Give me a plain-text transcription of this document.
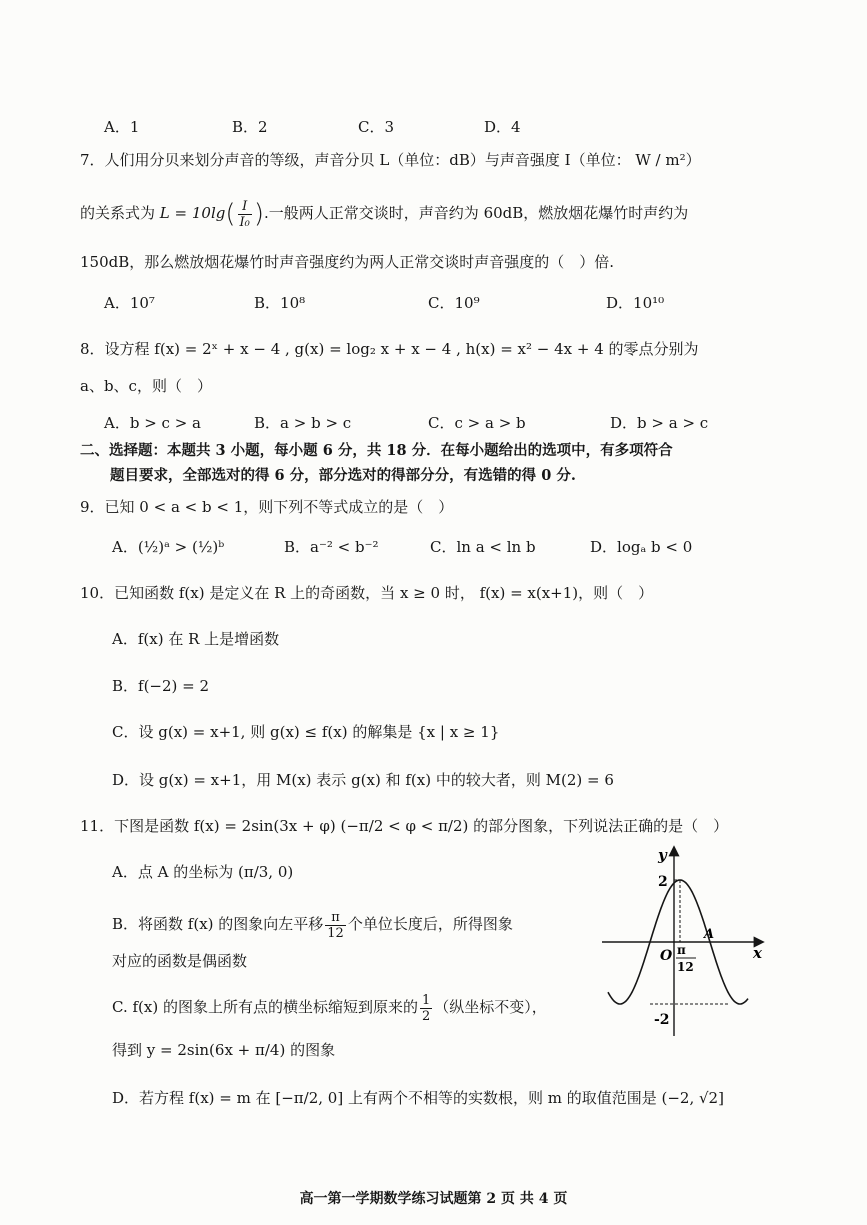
A．1	B．2	C．3	D．4
7．人们用分贝来划分声音的等级，声音分贝 L（单位：dB）与声音强度 I（单位： W / m²）
的关系式为 $L = 10\lg( \frac{I}{\text{I₀}}$ ).一般两人正常交谈时，声音约为 60dB，燃放烟花爆竹时声约为
150dB，那么燃放烟花爆竹时声音强度约为两人正常交谈时声音强度的（　）倍.
A．10⁷	B．10⁸	C．10⁹	D．10¹⁰
8．设方程 f(x) = 2ˣ + x − 4 , g(x) = log₂ x + x − 4 , h(x) = x² − 4x + 4 的零点分别为
a、b、c，则（　）
A．b > c > a	B．a > b > c	C．c > a > b	D．b > a > c
二、选择题：本题共 3 小题，每小题 6 分，共 18 分．在每小题给出的选项中，有多项符合
题目要求，全部选对的得 6 分，部分选对的得部分分，有选错的得 0 分.
9．已知 0 < a < b < 1，则下列不等式成立的是（　）
A．(½)ᵃ > (½)ᵇ	B．a⁻² < b⁻²	C．ln a < ln b	D．logₐ b < 0
10．已知函数 f(x) 是定义在 R 上的奇函数，当 x ≥ 0 时， f(x) = x(x+1)，则（　）
A．f(x) 在 R 上是增函数
B．f(−2) = 2
C．设 g(x) = x+1, 则 g(x) ≤ f(x) 的解集是 {x | x ≥ 1}
D．设 g(x) = x+1，用 M(x) 表示 g(x) 和 f(x) 中的较大者，则 M(2) = 6
11．下图是函数 f(x) = 2sin(3x + φ) (−π/2 < φ < π/2) 的部分图象，下列说法正确的是（　）
A．点 A 的坐标为 (π/3, 0)
B．将函数 f(x) 的图象向左平移 $\frac{\pi}{12}$ 个单位长度后，所得图象
对应的函数是偶函数
C. f(x) 的图象上所有点的横坐标缩短到原来的 $\frac{1}{2}$ （纵坐标不变），
得到 y = 2sin(6x + π/4) 的图象
D．若方程 f(x) = m 在 [−π/2, 0] 上有两个不相等的实数根，则 m 的取值范围是 (−2, √2]
y
x
O
A
2
-2
π
12
高一第一学期数学练习试题第 2 页 共 4 页
